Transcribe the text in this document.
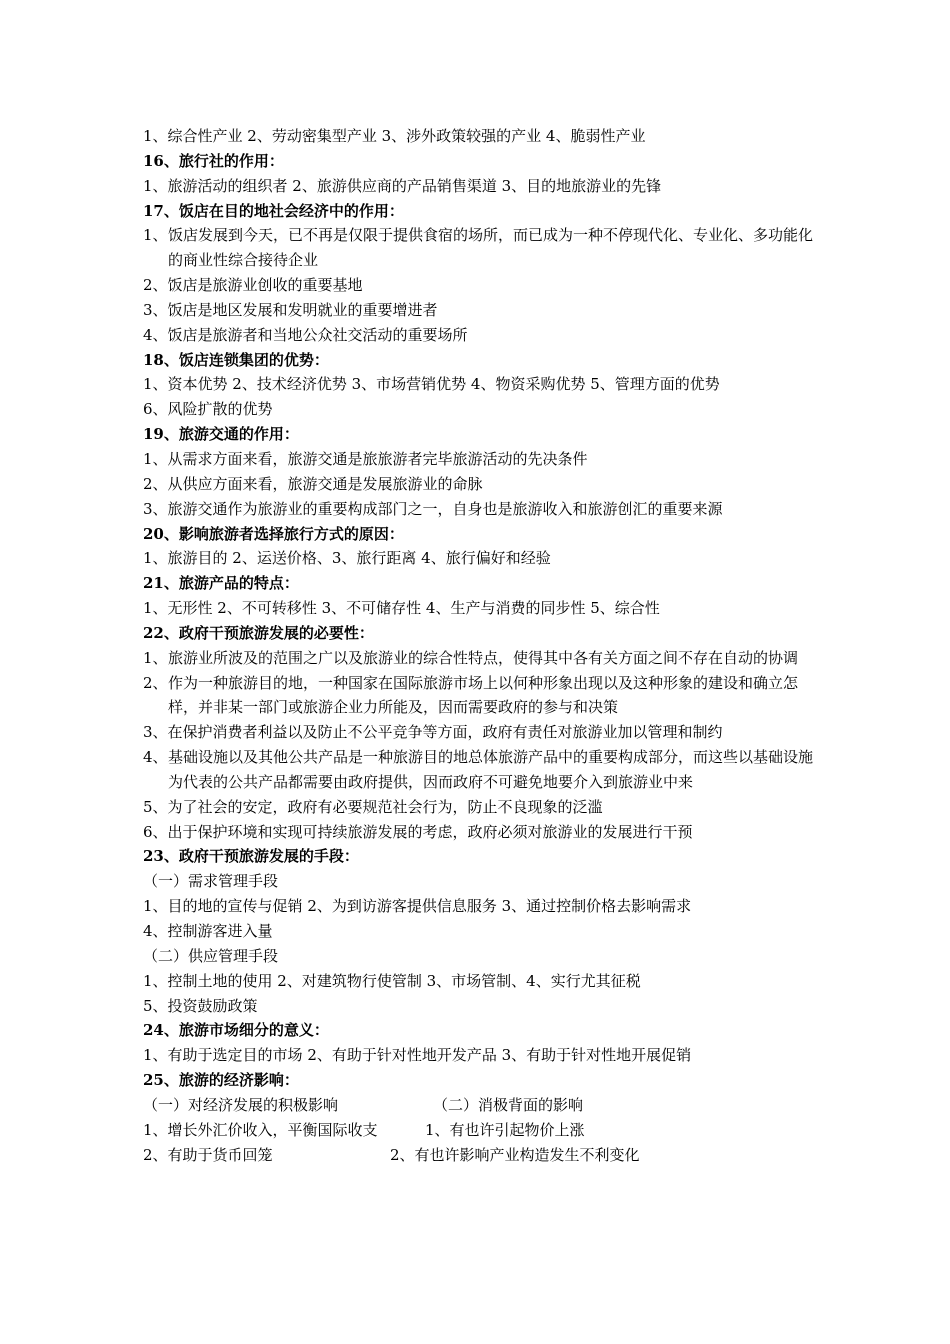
1、综合性产业 2、劳动密集型产业 3、涉外政策较强的产业 4、脆弱性产业
16、旅行社的作用：
1、旅游活动的组织者 2、旅游供应商的产品销售渠道 3、目的地旅游业的先锋
17、饭店在目的地社会经济中的作用：
1、 饭店发展到今天，已不再是仅限于提供食宿的场所，而已成为一种不停现代化、专业化、多功能化的商业性综合接待企业
2、饭店是旅游业创收的重要基地
3、饭店是地区发展和发明就业的重要增进者
4、饭店是旅游者和当地公众社交活动的重要场所
18、饭店连锁集团的优势：
1、资本优势 2、技术经济优势 3、市场营销优势 4、物资采购优势 5、管理方面的优势
6、风险扩散的优势
19、旅游交通的作用：
1、从需求方面来看，旅游交通是旅旅游者完毕旅游活动的先决条件
2、从供应方面来看，旅游交通是发展旅游业的命脉
3、旅游交通作为旅游业的重要构成部门之一，自身也是旅游收入和旅游创汇的重要来源
20、影响旅游者选择旅行方式的原因：
1、旅游目的 2、运送价格、3、旅行距离 4、旅行偏好和经验
21、旅游产品的特点：
1、无形性 2、不可转移性 3、不可储存性 4、生产与消费的同步性 5、综合性
22、政府干预旅游发展的必要性：
1、 旅游业所波及的范围之广以及旅游业的综合性特点，使得其中各有关方面之间不存在自动的协调
2、 作为一种旅游目的地，一种国家在国际旅游市场上以何种形象出现以及这种形象的建设和确立怎样，并非某一部门或旅游企业力所能及，因而需要政府的参与和决策
3、在保护消费者利益以及防止不公平竞争等方面，政府有责任对旅游业加以管理和制约
4、 基础设施以及其他公共产品是一种旅游目的地总体旅游产品中的重要构成部分，而这些以基础设施为代表的公共产品都需要由政府提供，因而政府不可避免地要介入到旅游业中来
5、为了社会的安定，政府有必要规范社会行为，防止不良现象的泛滥
6、出于保护环境和实现可持续旅游发展的考虑，政府必须对旅游业的发展进行干预
23、政府干预旅游发展的手段：
（一）需求管理手段
1、目的地的宣传与促销 2、为到访游客提供信息服务 3、通过控制价格去影响需求
4、控制游客进入量
（二）供应管理手段
1、控制土地的使用 2、对建筑物行使管制 3、市场管制、4、实行尤其征税
5、投资鼓励政策
24、旅游市场细分的意义：
1、有助于选定目的市场 2、有助于针对性地开发产品 3、有助于针对性地开展促销
25、旅游的经济影响：
（一）对经济发展的积极影响	（二）消极背面的影响
1、增长外汇价收入，平衡国际收支	1、有也许引起物价上涨
2、有助于货币回笼	2、有也许影响产业构造发生不利变化
